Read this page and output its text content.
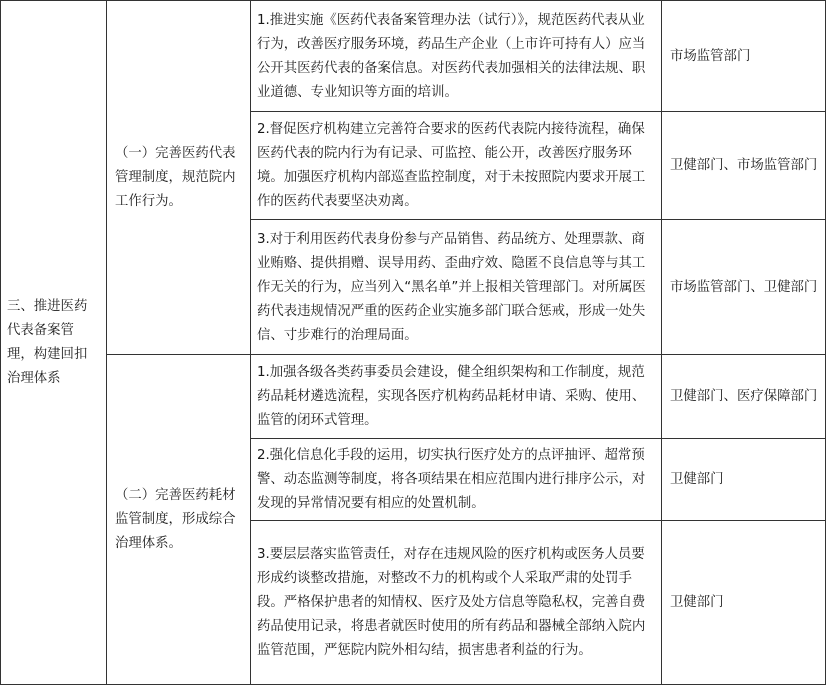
三、推进医药代表备案管理，构建回扣治理体系	（一）完善医药代表管理制度，规范院内工作行为。	1.推进实施《医药代表备案管理办法（试行）》，规范医药代表从业行为，改善医疗服务环境，药品生产企业（上市许可持有人）应当公开其医药代表的备案信息。对医药代表加强相关的法律法规、职业道德、专业知识等方面的培训。	市场监管部门
		2.督促医疗机构建立完善符合要求的医药代表院内接待流程，确保医药代表的院内行为有记录、可监控、能公开，改善医疗服务环境。加强医疗机构内部巡查监控制度，对于未按照院内要求开展工作的医药代表要坚决劝离。	卫健部门、市场监管部门
		3.对于利用医药代表身份参与产品销售、药品统方、处理票款、商业贿赂、提供捐赠、误导用药、歪曲疗效、隐匿不良信息等与其工作无关的行为，应当列入“黑名单”并上报相关管理部门。对所属医药代表违规情况严重的医药企业实施多部门联合惩戒，形成一处失信、寸步难行的治理局面。	市场监管部门、卫健部门
	（二）完善医药耗材监管制度，形成综合治理体系。	1.加强各级各类药事委员会建设，健全组织架构和工作制度，规范药品耗材遴选流程，实现各医疗机构药品耗材申请、采购、使用、监管的闭环式管理。	卫健部门、医疗保障部门
		2.强化信息化手段的运用，切实执行医疗处方的点评抽评、超常预警、动态监测等制度，将各项结果在相应范围内进行排序公示，对发现的异常情况要有相应的处置机制。	卫健部门
		3.要层层落实监管责任，对存在违规风险的医疗机构或医务人员要形成约谈整改措施，对整改不力的机构或个人采取严肃的处罚手段。严格保护患者的知情权、医疗及处方信息等隐私权，完善自费药品使用记录，将患者就医时使用的所有药品和器械全部纳入院内监管范围，严惩院内院外相勾结，损害患者利益的行为。	卫健部门
